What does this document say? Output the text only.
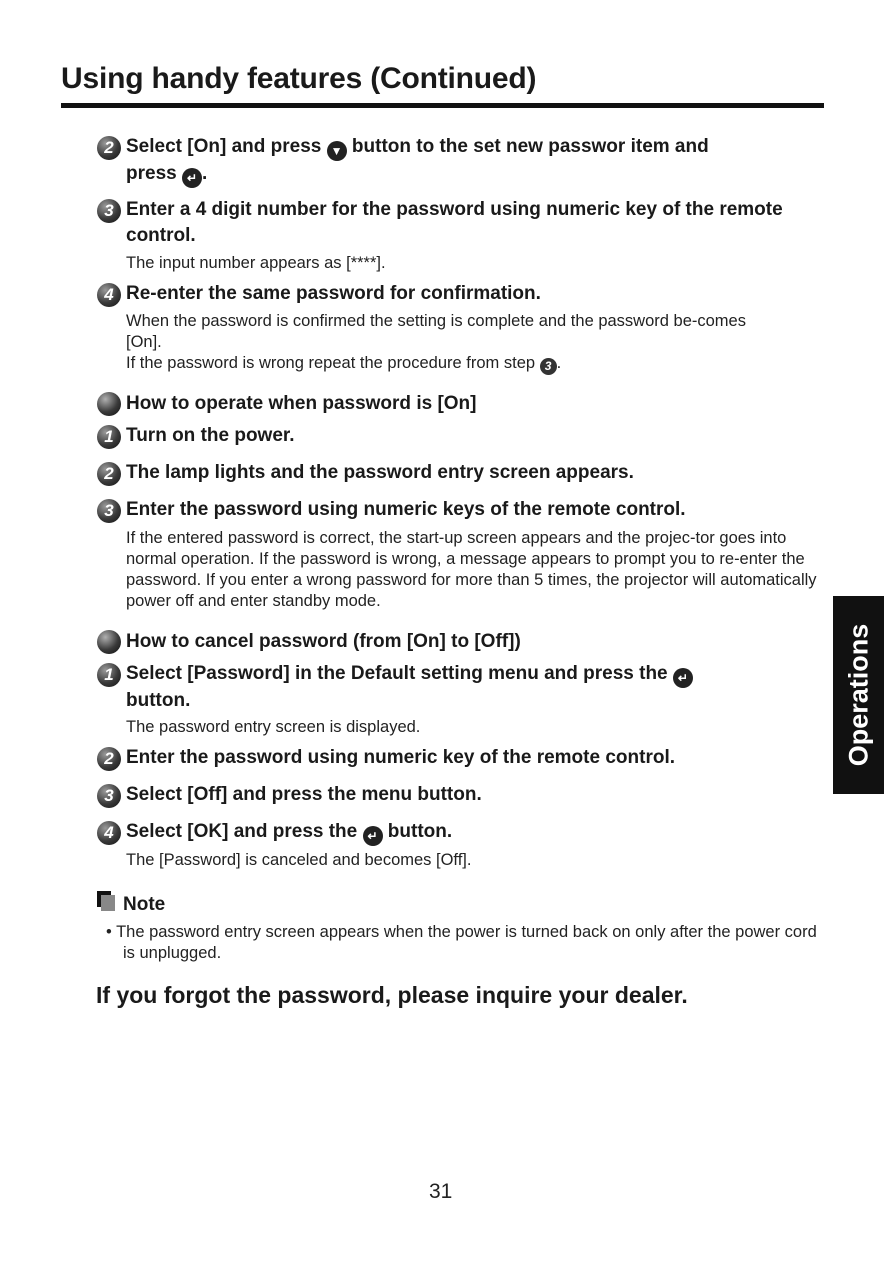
Using handy features (Continued)
2 Select [On] and press ▼ button to the set new passwor item and
press ↵ .
3 Enter a 4 digit number for the password using numeric key of the remote control.
The input number appears as [****].
4 Re-enter the same password for confirmation.
When the password is confirmed the setting is complete and the password be-comes [On].
If the password is wrong repeat the procedure from step 3 .
How to operate when password is [On]
1 Turn on the power.
2 The lamp lights and the password entry screen appears.
3 Enter the password using numeric keys of the remote control.
If the entered password is correct, the start-up screen appears and the projec-tor goes into normal operation. If the password is wrong, a message appears to prompt you to re-enter the password. If you enter a wrong password for more than 5 times, the projector will automatically power off and enter standby mode.
How to cancel password (from [On] to [Off])
1 Select [Password] in the Default setting menu and press the ↵
button.
The password entry screen is displayed.
2 Enter the password using numeric key of the remote control.
3 Select [Off] and press the menu button.
4 Select [OK] and press the ↵ button.
The [Password] is canceled and becomes [Off].
Note
• The password entry screen appears when the power is turned back on only after the power cord is unplugged.
If you forgot the password, please inquire your dealer.
Operations
31
